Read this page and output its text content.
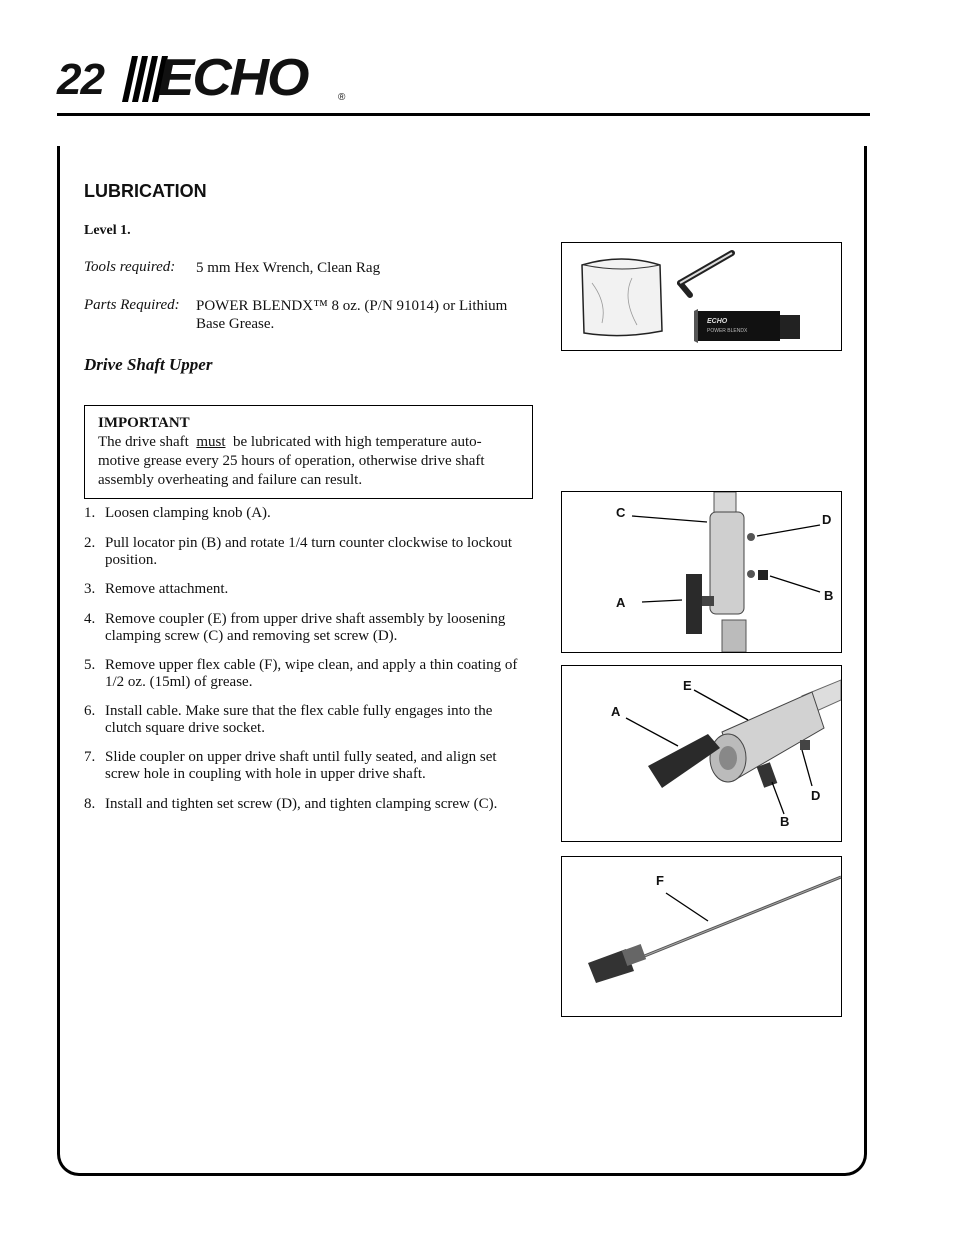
22 ECHO	®
LUBRICATION
Level 1.
Tools required: 5 mm Hex Wrench, Clean Rag
Parts Required: POWER BLENDX™ 8 oz. (P/N 91014) or Lithium
Base Grease.
Drive Shaft Upper
IMPORTANT
The drive shaft must be lubricated with high temperature auto-
motive grease every 25 hours of operation, otherwise drive shaft
assembly overheating and failure can result.
1. Loosen clamping knob (A).
2. Pull locator pin (B) and rotate 1/4 turn counter clockwise to lockout
position.
3. Remove attachment.
4. Remove coupler (E) from upper drive shaft assembly by loosening
clamping screw (C) and removing set screw (D).
5. Remove upper flex cable (F), wipe clean, and apply a thin coating of
1/2 oz. (15ml) of grease.
6. Install cable. Make sure that the flex cable fully engages into the
clutch square drive socket.
7. Slide coupler on upper drive shaft until fully seated, and align set
screw hole in coupling with hole in upper drive shaft.
8. Install and tighten set screw (D), and tighten clamping screw (C).
ECHO
POWER BLENDX
C	D
A	B
E
A
D
B
F
